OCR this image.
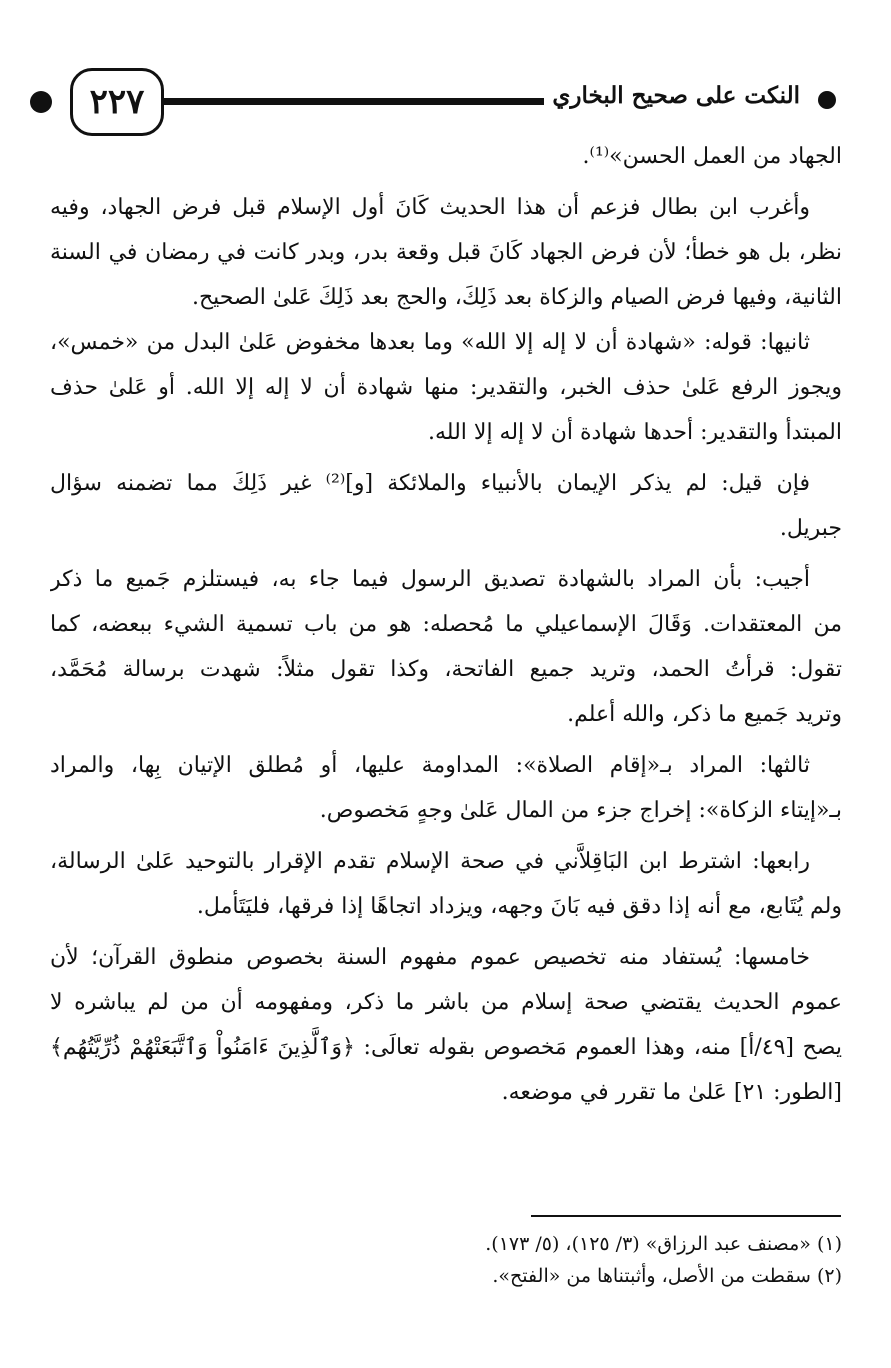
٢٢٧	النكت على صحيح البخاري

الجهاد من العمل الحسن»⁽¹⁾.

وأغرب ابن بطال فزعم أن هذا الحديث كَانَ أول الإسلام قبل فرض الجهاد، وفيه

نظر، بل هو خطأ؛ لأن فرض الجهاد كَانَ قبل وقعة بدر، وبدر كانت في رمضان في السنة

الثانية، وفيها فرض الصيام والزكاة بعد ذَلِكَ، والحج بعد ذَلِكَ عَلىٰ الصحيح.

ثانيها: قوله: «شهادة أن لا إله إلا الله» وما بعدها مخفوض عَلىٰ البدل من «خمس»،

ويجوز الرفع عَلىٰ حذف الخبر، والتقدير: منها شهادة أن لا إله إلا الله. أو عَلىٰ حذف

المبتدأ والتقدير: أحدها شهادة أن لا إله إلا الله.

فإن قيل: لم يذكر الإيمان بالأنبياء والملائكة [و]⁽²⁾ غير ذَلِكَ مما تضمنه سؤال

جبريل.

أجيب: بأن المراد بالشهادة تصديق الرسول فيما جاء به، فيستلزم جَميع ما ذكر

من المعتقدات. وَقَالَ الإسماعيلي ما مُحصله: هو من باب تسمية الشيء ببعضه، كما

تقول: قرأتُ الحمد، وتريد جميع الفاتحة، وكذا تقول مثلاً: شهدت برسالة مُحَمَّد،

وتريد جَميع ما ذكر، والله أعلم.

ثالثها: المراد بـ«إقام الصلاة»: المداومة عليها، أو مُطلق الإتيان بِها، والمراد

بـ«إيتاء الزكاة»: إخراج جزء من المال عَلىٰ وجهٍ مَخصوص.

رابعها: اشترط ابن البَاقِلاَّني في صحة الإسلام تقدم الإقرار بالتوحيد عَلىٰ الرسالة،

ولم يُتَابع، مع أنه إذا دقق فيه بَانَ وجهه، ويزداد اتجاهًا إذا فرقها، فليَتَأمل.

خامسها: يُستفاد منه تخصيص عموم مفهوم السنة بخصوص منطوق القرآن؛ لأن

عموم الحديث يقتضي صحة إسلام من باشر ما ذكر، ومفهومه أن من لم يباشره لا

يصح [٤٩/أ] منه، وهذا العموم مَخصوص بقوله تعالَى: ﴿وَٱلَّذِينَ ءَامَنُواْ وَٱتَّبَعَتْهُمْ ذُرِّيَّتُهُم﴾

[الطور: ٢١] عَلىٰ ما تقرر في موضعه.

(١) «مصنف عبد الرزاق» (٣/ ١٢٥)، (٥/ ١٧٣).

(٢) سقطت من الأصل، وأثبتناها من «الفتح».
